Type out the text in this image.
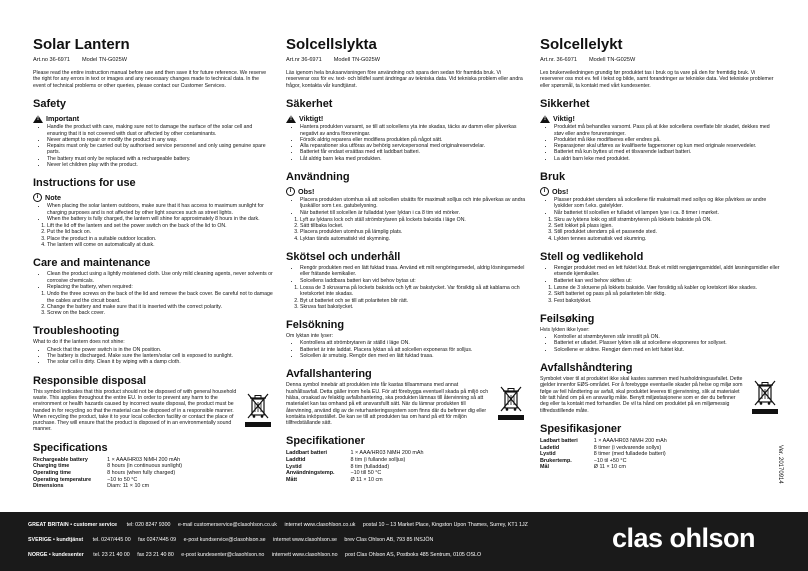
Solar Lantern
Art.no 36-6971 Model TN-G025W

Please read the entire instruction manual before use and then save it for future reference. We reserve the right for any errors in text or images and any necessary changes made to technical data. In the event of technical problems or other queries, please contact our Customer Services.

Safety
!
Important
• Handle the product with care, making sure not to damage the surface of the solar cell and ensuring that it is not covered with dust or affected by other contaminants.
• Never attempt to repair or modify the product in any way.
• Repairs must only be carried out by authorised service personnel and only using genuine spare parts.
• The battery must only be replaced with a rechargeable battery.
• Never let children play with the product.
Instructions for use
i Note
• When placing the solar lantern outdoors, make sure that it has access to maximum sunlight for charging purposes and is not affected by other light sources such as street lights.
• When the battery is fully charged, the lantern will shine for approximately 8 hours in the dark.
1. Lift the lid off the lantern and set the power switch on the back of the lid to ON.
2. Put the lid back on.
3. Place the product in a suitable outdoor location.
4. The lantern will come on automatically at dusk.
Care and maintenance
• Clean the product using a lightly moistened cloth. Use only mild cleaning agents, never solvents or corrosive chemicals.
• Replacing the battery, when required:
1. Undo the three screws on the back of the lid and remove the back cover. Be careful not to damage the cables and the circuit board.
2. Change the battery and make sure that it is inserted with the correct polarity.
3. Screw on the back cover.
Troubleshooting

What to do if the lantern does not shine:

• Check that the power switch is in the ON position.
• The battery is discharged. Make sure the lantern/solar cell is exposed to sunlight.
• The solar cell is dirty. Clean it by wiping with a damp cloth.
Responsible disposal

This symbol indicates that this product should not be disposed of with general household waste. This applies throughout the entire EU. In order to prevent any harm to the environment or health hazards caused by incorrect waste disposal, the product must be handed in for recycling so that the material can be disposed of in a responsible manner. When recycling the product, take it to your local collection facility or contact the place of purchase. They will ensure that the product is disposed of in an environmentally sound manner.

Specifications
Rechargeable battery	1 × AAA/HR03 NiMH 200 mAh
Charging time	8 hours (in continuous sunlight)
Operating time	8 hours (when fully charged)
Operating temperature	−10 to 50 °C
Dimensions	Diam: 11 × 10 cm
Solcellslykta
Art.nr 36-6971 Modell TN-G025W

Läs igenom hela bruksanvisningen före användning och spara den sedan för framtida bruk. Vi reserverar oss för ev. text- och bildfel samt ändringar av tekniska data. Vid tekniska problem eller andra frågor, kontakta vår kundtjänst.

Säkerhet
!
Viktigt!
• Hantera produkten varsamt, se till att solcellens yta inte skadas, täcks av damm eller påverkas negativt av andra föroreningar.
• Försök aldrig reparera eller modifiera produkten på något sätt.
• Alla reparationer ska utföras av behörig servicepersonal med originalreservdelar.
• Batteriet får endast ersättas med ett laddbart batteri.
• Låt aldrig barn leka med produkten.
Användning
i Obs!
• Placera produkten utomhus så att solcellen utsätts för maximalt solljus och inte påverkas av andra ljuskällor som t.ex. gatubelysning.
• När batteriet till solcellen är fulladdat lyser lyktan i ca 8 tim vid mörker.
1. Lyft av lyktans lock och ställ strömbrytaren på lockets baksida i läge ON.
2. Sätt tillbaka locket.
3. Placera produkten utomhus på lämplig plats.
4. Lyktan tänds automatiskt vid skymning.
Skötsel och underhåll
• Rengör produkten med en lätt fuktad trasa. Använd ett milt rengöringsmedel, aldrig lösningsmedel eller frätande kemikalier.
• Solcellens laddbara batteri kan vid behov bytas ut:
1. Lossa de 3 skruvarna på lockets baksida och lyft av bakstycket. Var försiktig så att kablarna och kretskortet inte skadas.
2. Byt ut batteriet och se till att polariteten blir rätt.
3. Skruva fast bakstycket.
Felsökning

Om lyktan inte lyser:

• Kontrollera att strömbrytaren är ställd i läge ON.
• Batteriet är inte laddat. Placera lyktan så att solcellen exponeras för solljus.
• Solcellen är smutsig. Rengör den med en lätt fuktad trasa.
Avfallshantering

Denna symbol innebär att produkten inte får kastas tillsammans med annat hushållsavfall. Detta gäller inom hela EU. För att förebygga eventuell skada på miljö och hälsa, orsakad av felaktig avfallshantering, ska produkten lämnas till återvinning så att materialet kan tas omhand på ett ansvarsfullt sätt. När du lämnar produkten till återvinning, använd dig av de returhanteringssystem som finns där du befinner dig eller kontakta inköpsstället. De kan se till att produkten tas om hand på ett för miljön tillfredställande sätt.

Specifikationer
Laddbart batteri	1 × AAA/HR03 NiMH 200 mAh
Laddtid	8 tim (i fullande solljus)
Lystid	8 tim (fulladdad)
Användningstemp.	−10 till 50 °C
Mått	Ø 11 × 10 cm
Solcellelykt
Art.nr. 36-6971 Modell TN-G025W

Les brukerveiledningen grundig før produktet tas i bruk og ta vare på den for fremtidig bruk. Vi reserverer oss mot ev. feil i tekst og bilde, samt forandringer av tekniske data. Ved tekniske problemer eller spørsmål, ta kontakt med vårt kundesenter.

Sikkerhet
!
Viktig!
• Produktet må behandles varsomt. Pass på at ikke solcellens overflate blir skadet, dekkes med støv eller andre forurensninger.
• Produktet må ikke modifiseres eller endres på.
• Reparasjoner skal utføres av kvalifiserte fagpersoner og kun med originale reservedeler.
• Batteriet må kun byttes ut med et tilsvarende ladbart batteri.
• La aldri barn leke med produktet.
Bruk
i Obs!
• Plasser produktet utendørs så solcellene får maksimalt med sollys og ikke påvirkes av andre lyskilder som f.eks. gatelykter.
• Når batteriet til solcellen er fulladet vil lampen lyse i ca. 8 timer i mørket.
1. Skru av lyktens lokk og still strømbryteren på lokkets bakside på ON.
2. Sett lokket på plass igjen.
3. Still produktet utendørs på et passende sted.
4. Lykten tennes automatisk ved skumring.
Stell og vedlikehold
• Rengjør produktet med en lett fuktet klut. Bruk et mildt rengjøringsmiddel, aldri løsningsmidler eller etsende kjemikalier.
• Batteriet kan ved behov skiftes ut:
1. Løsne de 3 skruene på lokkets bakside. Vær forsiktig så kabler og kretskort ikke skades.
2. Skift batteriet og pass på så polariteten blir riktig.
3. Fest bakstykket.
Feilsøking

Hvis lykten ikke lyser:

• Kontroller at strømbryteren står innstilt på ON.
• Batteriet er utladet. Plasser lykten slik at solcellene eksponeres for sollyset.
• Solcellene er skitne. Rengjør dem med en lett fuktet klut.
Avfallshåndtering

Symbolet viser til at produktet ikke skal kastes sammen med husholdningsavfallet. Dette gjelder innenfor EØS-området. For å forebygge eventuelle skader på helse og miljø som følge av feil håndtering av avfall, skal produktet leveres til gjenvinning, slik at materialet blir tatt hånd om på en ansvarlig måte. Benytt miljøstasjonene som er der du befinner deg eller ta kontakt med forhandler. De vil ta hånd om produktet på en miljømessig tilfredsstillende måte.

Spesifikasjoner
Ladbart batteri	1 × AAA/HR03 NiMH 200 mAh
Ladetid	8 timer (i vedvarende sollys)
Lystid	8 timer (med fulladede batteri)
Brukertemp.	−10 til +50 °C
Mål	Ø 11 × 10 cm	Ver. 20170914
GREAT BRITAIN • customer service tel: 020 8247 9300 e-mail customerservice@clasohlson.co.uk internet www.clasohlson.co.uk postal 10 – 13 Market Place, Kingston Upon Thames, Surrey, KT1 1JZ
SVERIGE • kundtjänst tel. 0247/445 00 fax 0247/445 09 e-post kundservice@clasohlson.se internet www.clasohlson.se brev Clas Ohlson AB, 793 85 INSJÖN
NORGE • kundesenter tel. 23 21 40 00 fax 23 21 40 80 e-post kundesenter@clasohlson.no internett www.clasohlson.no post Clas Ohlson AS, Postboks 485 Sentrum, 0105 OSLO
clas ohlson
